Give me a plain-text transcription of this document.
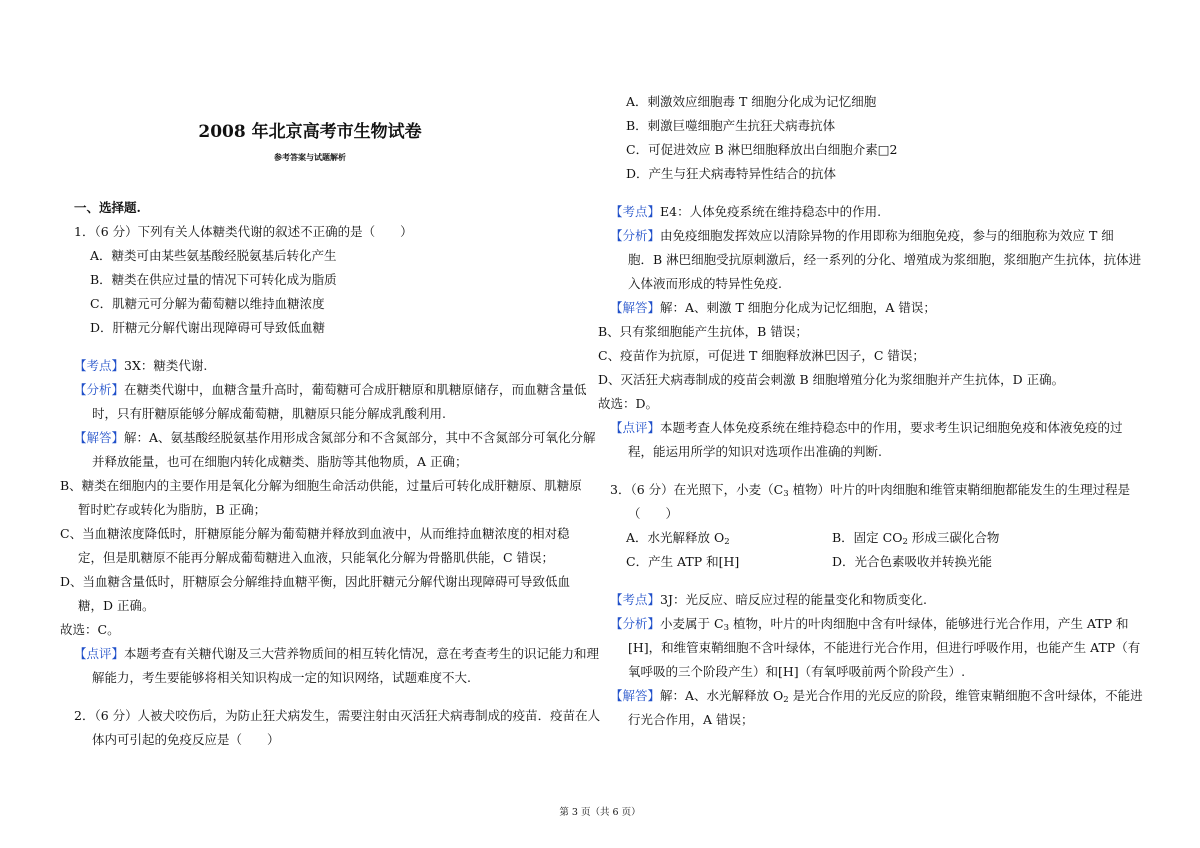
2008 年北京高考市生物试卷
参考答案与试题解析
一、选择题.
1．（6 分）下列有关人体糖类代谢的叙述不正确的是（　　）
A．糖类可由某些氨基酸经脱氨基后转化产生
B．糖类在供应过量的情况下可转化成为脂质
C．肌糖元可分解为葡萄糖以维持血糖浓度
D．肝糖元分解代谢出现障碍可导致低血糖
【考点】3X：糖类代谢.
【分析】在糖类代谢中，血糖含量升高时，葡萄糖可合成肝糖原和肌糖原储存，而血糖含量低
时，只有肝糖原能够分解成葡萄糖，肌糖原只能分解成乳酸利用.
【解答】解：A、氨基酸经脱氨基作用形成含氮部分和不含氮部分，其中不含氮部分可氧化分解
并释放能量，也可在细胞内转化成糖类、脂肪等其他物质，A 正确；
B、糖类在细胞内的主要作用是氧化分解为细胞生命活动供能，过量后可转化成肝糖原、肌糖原
暂时贮存或转化为脂肪，B 正确；
C、当血糖浓度降低时，肝糖原能分解为葡萄糖并释放到血液中，从而维持血糖浓度的相对稳
定，但是肌糖原不能再分解成葡萄糖进入血液，只能氧化分解为骨骼肌供能，C 错误；
D、当血糖含量低时，肝糖原会分解维持血糖平衡，因此肝糖元分解代谢出现障碍可导致低血
糖，D 正确。
故选：C。
【点评】本题考查有关糖代谢及三大营养物质间的相互转化情况，意在考查考生的识记能力和理
解能力，考生要能够将相关知识构成一定的知识网络，试题难度不大.
2．（6 分）人被犬咬伤后，为防止狂犬病发生，需要注射由灭活狂犬病毒制成的疫苗．疫苗在人
体内可引起的免疫反应是（　　）
A．刺激效应细胞毒 T 细胞分化成为记忆细胞
B．刺激巨噬细胞产生抗狂犬病毒抗体
C．可促进效应 B 淋巴细胞释放出白细胞介素□2
D．产生与狂犬病毒特异性结合的抗体
【考点】E4：人体免疫系统在维持稳态中的作用.
【分析】由免疫细胞发挥效应以清除异物的作用即称为细胞免疫，参与的细胞称为效应 T 细
胞．B 淋巴细胞受抗原刺激后，经一系列的分化、增殖成为浆细胞，浆细胞产生抗体，抗体进
入体液而形成的特异性免疫.
【解答】解：A、刺激 T 细胞分化成为记忆细胞，A 错误；
B、只有浆细胞能产生抗体，B 错误；
C、疫苗作为抗原，可促进 T 细胞释放淋巴因子，C 错误；
D、灭活狂犬病毒制成的疫苗会刺激 B 细胞增殖分化为浆细胞并产生抗体，D 正确。
故选：D。
【点评】本题考查人体免疫系统在维持稳态中的作用，要求考生识记细胞免疫和体液免疫的过
程，能运用所学的知识对选项作出准确的判断.
3．（6 分）在光照下，小麦（$C_3$ 植物）叶片的叶肉细胞和维管束鞘细胞都能发生的生理过程是
（　　）
A．水光解释放 $O_2$	B．固定 $CO_2$ 形成三碳化合物
C．产生 ATP 和[H]	D．光合色素吸收并转换光能
【考点】3J：光反应、暗反应过程的能量变化和物质变化.
【分析】小麦属于 $C_3$ 植物，叶片的叶肉细胞中含有叶绿体，能够进行光合作用，产生 ATP 和
[H]，和维管束鞘细胞不含叶绿体，不能进行光合作用，但进行呼吸作用，也能产生 ATP（有
氧呼吸的三个阶段产生）和[H]（有氧呼吸前两个阶段产生）.
【解答】解：A、水光解释放 $O_2$ 是光合作用的光反应的阶段，维管束鞘细胞不含叶绿体，不能进
行光合作用，A 错误；
第 3 页（共 6 页）
